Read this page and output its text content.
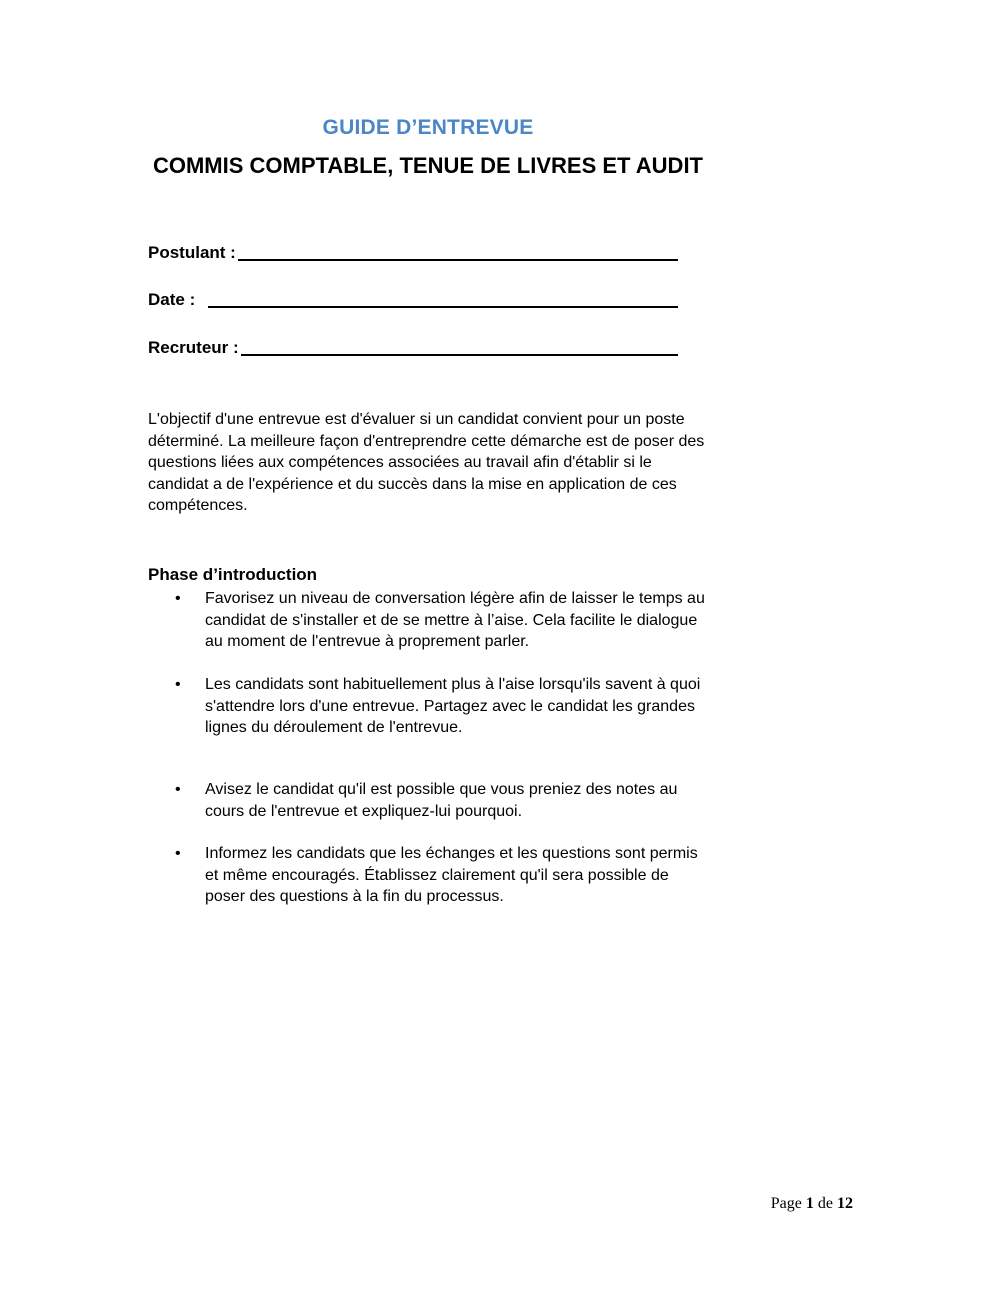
GUIDE D’ENTREVUE
COMMIS COMPTABLE, TENUE DE LIVRES ET AUDIT
Postulant :
Date :
Recruteur :
L'objectif d'une entrevue est d'évaluer si un candidat convient pour un poste déterminé. La meilleure façon d'entreprendre cette démarche est de poser des questions liées aux compétences associées au travail afin d'établir si le candidat a de l'expérience et du succès dans la mise en application de ces compétences.
Phase d’introduction
• Favorisez un niveau de conversation légère afin de laisser le temps au candidat de s'installer et de se mettre à l’aise. Cela facilite le dialogue au moment de l'entrevue à proprement parler.
• Les candidats sont habituellement plus à l'aise lorsqu'ils savent à quoi s'attendre lors d'une entrevue. Partagez avec le candidat les grandes lignes du déroulement de l'entrevue.
• Avisez le candidat qu'il est possible que vous preniez des notes au cours de l'entrevue et expliquez-lui pourquoi.
• Informez les candidats que les échanges et les questions sont permis et même encouragés. Établissez clairement qu'il sera possible de poser des questions à la fin du processus.
Page 1 de 12
